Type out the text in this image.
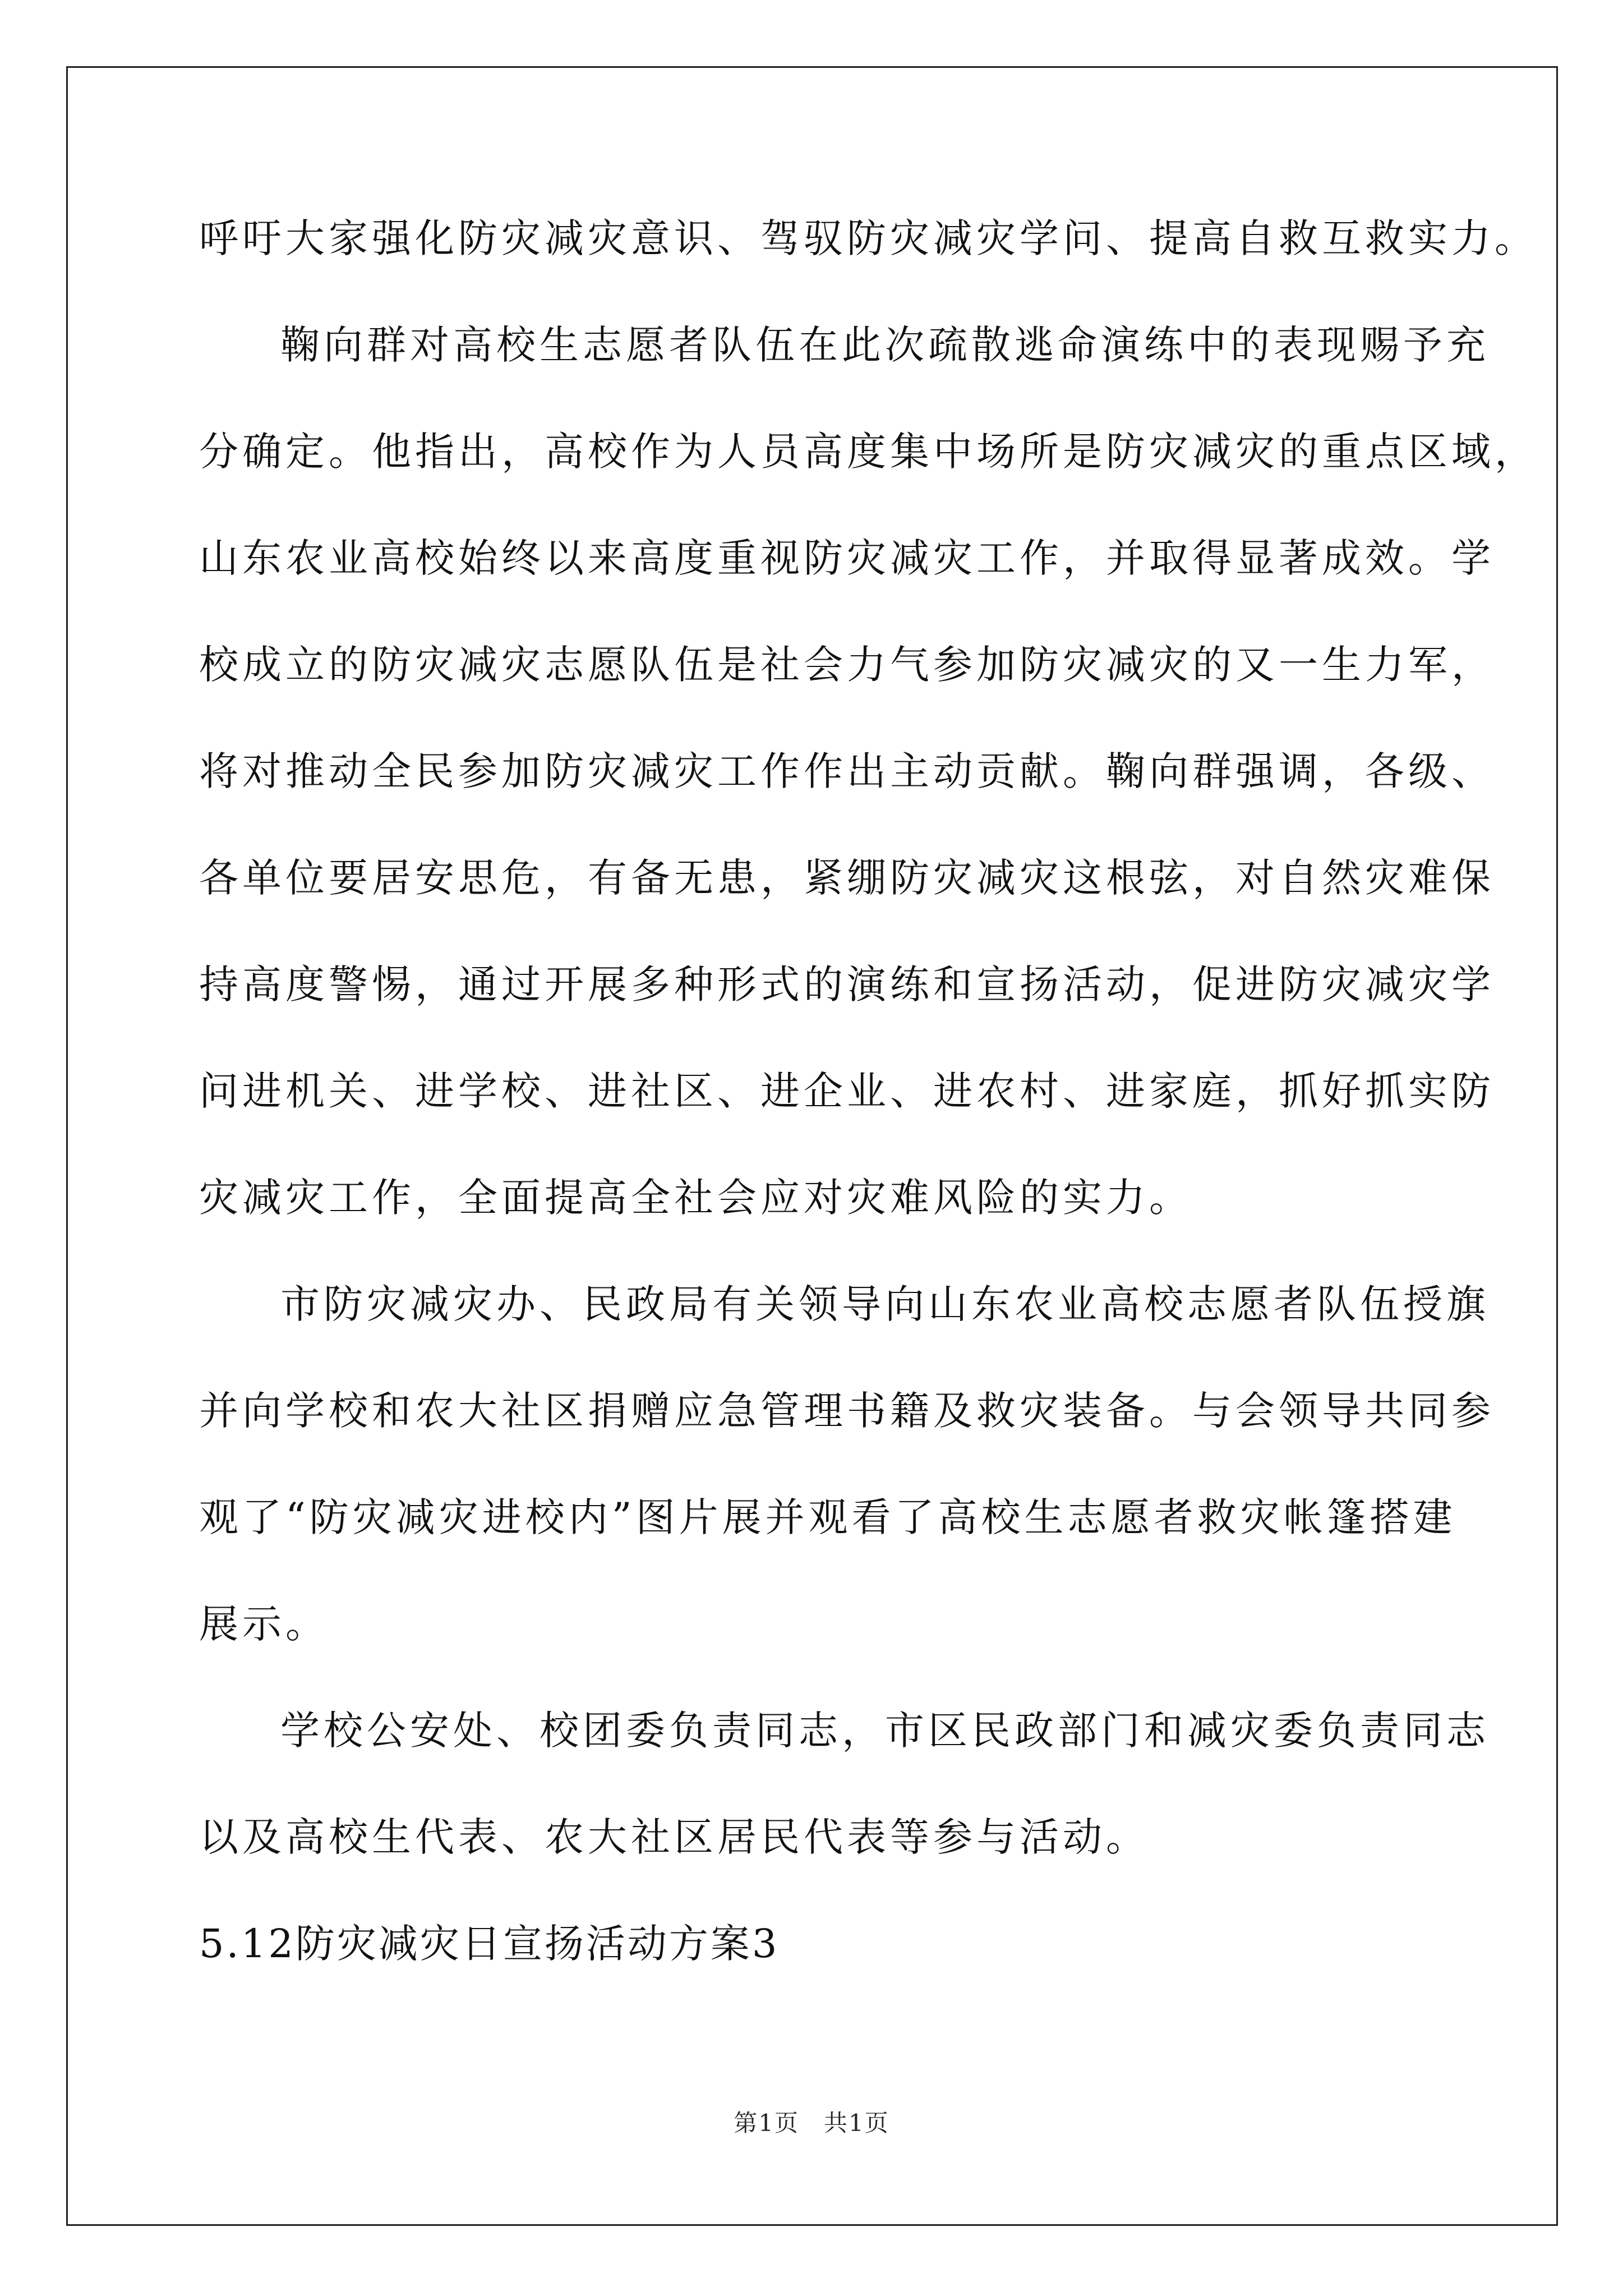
呼吁大家强化防灾减灾意识、驾驭防灾减灾学问、提高自救互救实力。

鞠向群对高校生志愿者队伍在此次疏散逃命演练中的表现赐予充

分确定。他指出，高校作为人员高度集中场所是防灾减灾的重点区域，

山东农业高校始终以来高度重视防灾减灾工作，并取得显著成效。学

校成立的防灾减灾志愿队伍是社会力气参加防灾减灾的又一生力军，

将对推动全民参加防灾减灾工作作出主动贡献。鞠向群强调，各级、

各单位要居安思危，有备无患，紧绷防灾减灾这根弦，对自然灾难保

持高度警惕，通过开展多种形式的演练和宣扬活动，促进防灾减灾学

问进机关、进学校、进社区、进企业、进农村、进家庭，抓好抓实防

灾减灾工作，全面提高全社会应对灾难风险的实力。

市防灾减灾办、民政局有关领导向山东农业高校志愿者队伍授旗

并向学校和农大社区捐赠应急管理书籍及救灾装备。与会领导共同参

观了“防灾减灾进校内”图片展并观看了高校生志愿者救灾帐篷搭建

展示。

学校公安处、校团委负责同志，市区民政部门和减灾委负责同志

以及高校生代表、农大社区居民代表等参与活动。

5.12防灾减灾日宣扬活动方案3

第1页　共1页
